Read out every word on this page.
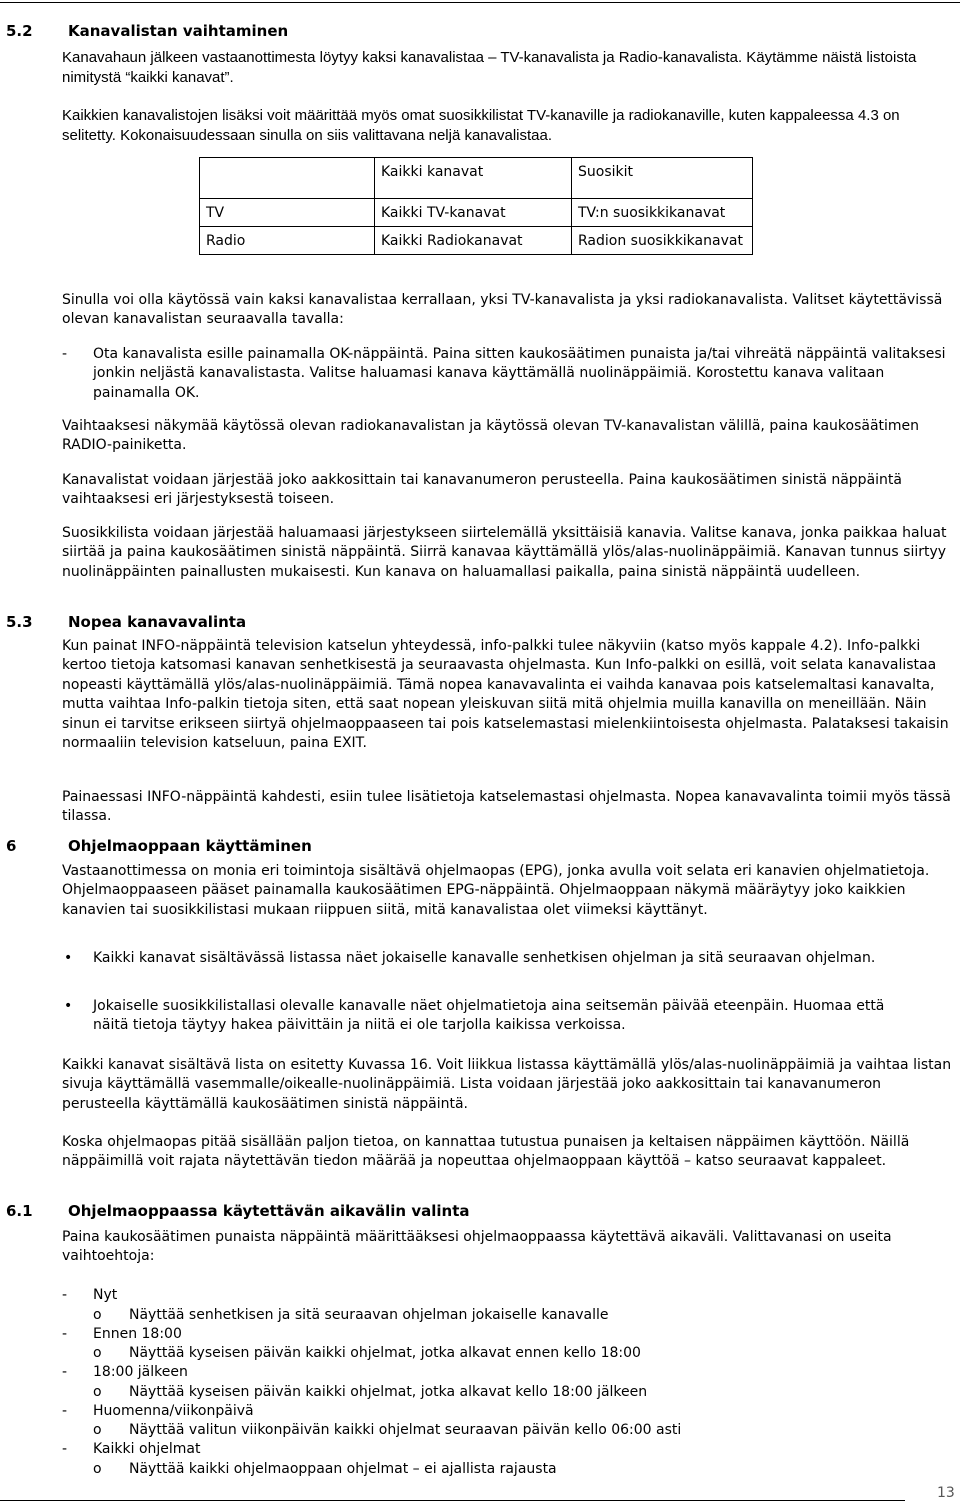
5.2 Kanavalistan vaihtaminen

Kanavahaun jälkeen vastaanottimesta löytyy kaksi kanavalistaa – TV-kanavalista ja Radio-kanavalista. Käytämme näistä listoista nimitystä “kaikki kanavat”.

Kaikkien kanavalistojen lisäksi voit määrittää myös omat suosikkilistat TV-kanaville ja radiokanaville, kuten kappaleessa 4.3 on selitetty. Kokonaisuudessaan sinulla on siis valittavana neljä kanavalistaa.

	Kaikki kanavat	Suosikit
TV	Kaikki TV-kanavat	TV:n suosikkikanavat
Radio	Kaikki Radiokanavat	Radion suosikkikanavat

Sinulla voi olla käytössä vain kaksi kanavalistaa kerrallaan, yksi TV-kanavalista ja yksi radiokanavalista. Valitset käytettävissä olevan kanavalistan seuraavalla tavalla:

- Ota kanavalista esille painamalla OK-näppäintä. Paina sitten kaukosäätimen punaista ja/tai vihreätä näppäintä valitaksesi jonkin neljästä kanavalistasta. Valitse haluamasi kanava käyttämällä nuolinäppäimiä. Korostettu kanava valitaan painamalla OK.

Vaihtaaksesi näkymää käytössä olevan radiokanavalistan ja käytössä olevan TV-kanavalistan välillä, paina kaukosäätimen RADIO-painiketta.

Kanavalistat voidaan järjestää joko aakkosittain tai kanavanumeron perusteella. Paina kaukosäätimen sinistä näppäintä vaihtaaksesi eri järjestyksestä toiseen.

Suosikkilista voidaan järjestää haluamaasi järjestykseen siirtelemällä yksittäisiä kanavia. Valitse kanava, jonka paikkaa haluat siirtää ja paina kaukosäätimen sinistä näppäintä. Siirrä kanavaa käyttämällä ylös/alas-nuolinäppäimiä. Kanavan tunnus siirtyy nuolinäppäinten painallusten mukaisesti. Kun kanava on haluamallasi paikalla, paina sinistä näppäintä uudelleen.

5.3 Nopea kanavavalinta

Kun painat INFO-näppäintä television katselun yhteydessä, info-palkki tulee näkyviin (katso myös kappale 4.2). Info-palkki kertoo tietoja katsomasi kanavan senhetkisestä ja seuraavasta ohjelmasta. Kun Info-palkki on esillä, voit selata kanavalistaa nopeasti käyttämällä ylös/alas-nuolinäppäimiä. Tämä nopea kanavavalinta ei vaihda kanavaa pois katselemaltasi kanavalta, mutta vaihtaa Info-palkin tietoja siten, että saat nopean yleiskuvan siitä mitä ohjelmia muilla kanavilla on meneillään. Näin sinun ei tarvitse erikseen siirtyä ohjelmaoppaaseen tai pois katselemastasi mielenkiintoisesta ohjelmasta. Palataksesi takaisin normaaliin television katseluun, paina EXIT.

Painaessasi INFO-näppäintä kahdesti, esiin tulee lisätietoja katselemastasi ohjelmasta. Nopea kanavavalinta toimii myös tässä tilassa.

6	Ohjelmaoppaan käyttäminen

Vastaanottimessa on monia eri toimintoja sisältävä ohjelmaopas (EPG), jonka avulla voit selata eri kanavien ohjelmatietoja. Ohjelmaoppaaseen pääset painamalla kaukosäätimen EPG-näppäintä. Ohjelmaoppaan näkymä määräytyy joko kaikkien kanavien tai suosikkilistasi mukaan riippuen siitä, mitä kanavalistaa olet viimeksi käyttänyt.

• Kaikki kanavat sisältävässä listassa näet jokaiselle kanavalle senhetkisen ohjelman ja sitä seuraavan ohjelman.
• Jokaiselle suosikkilistallasi olevalle kanavalle näet ohjelmatietoja aina seitsemän päivää eteenpäin. Huomaa että näitä tietoja täytyy hakea päivittäin ja niitä ei ole tarjolla kaikissa verkoissa.

Kaikki kanavat sisältävä lista on esitetty Kuvassa 16. Voit liikkua listassa käyttämällä ylös/alas-nuolinäppäimiä ja vaihtaa listan sivuja käyttämällä vasemmalle/oikealle-nuolinäppäimiä. Lista voidaan järjestää joko aakkosittain tai kanavanumeron perusteella käyttämällä kaukosäätimen sinistä näppäintä.

Koska ohjelmaopas pitää sisällään paljon tietoa, on kannattaa tutustua punaisen ja keltaisen näppäimen käyttöön. Näillä näppäimillä voit rajata näytettävän tiedon määrää ja nopeuttaa ohjelmaoppaan käyttöä – katso seuraavat kappaleet.

6.1 Ohjelmaoppaassa käytettävän aikavälin valinta

Paina kaukosäätimen punaista näppäintä määrittääksesi ohjelmaoppaassa käytettävä aikaväli. Valittavanasi on useita vaihtoehtoja:

- Nyt
o Näyttää senhetkisen ja sitä seuraavan ohjelman jokaiselle kanavalle
- Ennen 18:00
o Näyttää kyseisen päivän kaikki ohjelmat, jotka alkavat ennen kello 18:00
- 18:00 jälkeen
o Näyttää kyseisen päivän kaikki ohjelmat, jotka alkavat kello 18:00 jälkeen
- Huomenna/viikonpäivä
o Näyttää valitun viikonpäivän kaikki ohjelmat seuraavan päivän kello 06:00 asti
- Kaikki ohjelmat
o Näyttää kaikki ohjelmaoppaan ohjelmat – ei ajallista rajausta
13
